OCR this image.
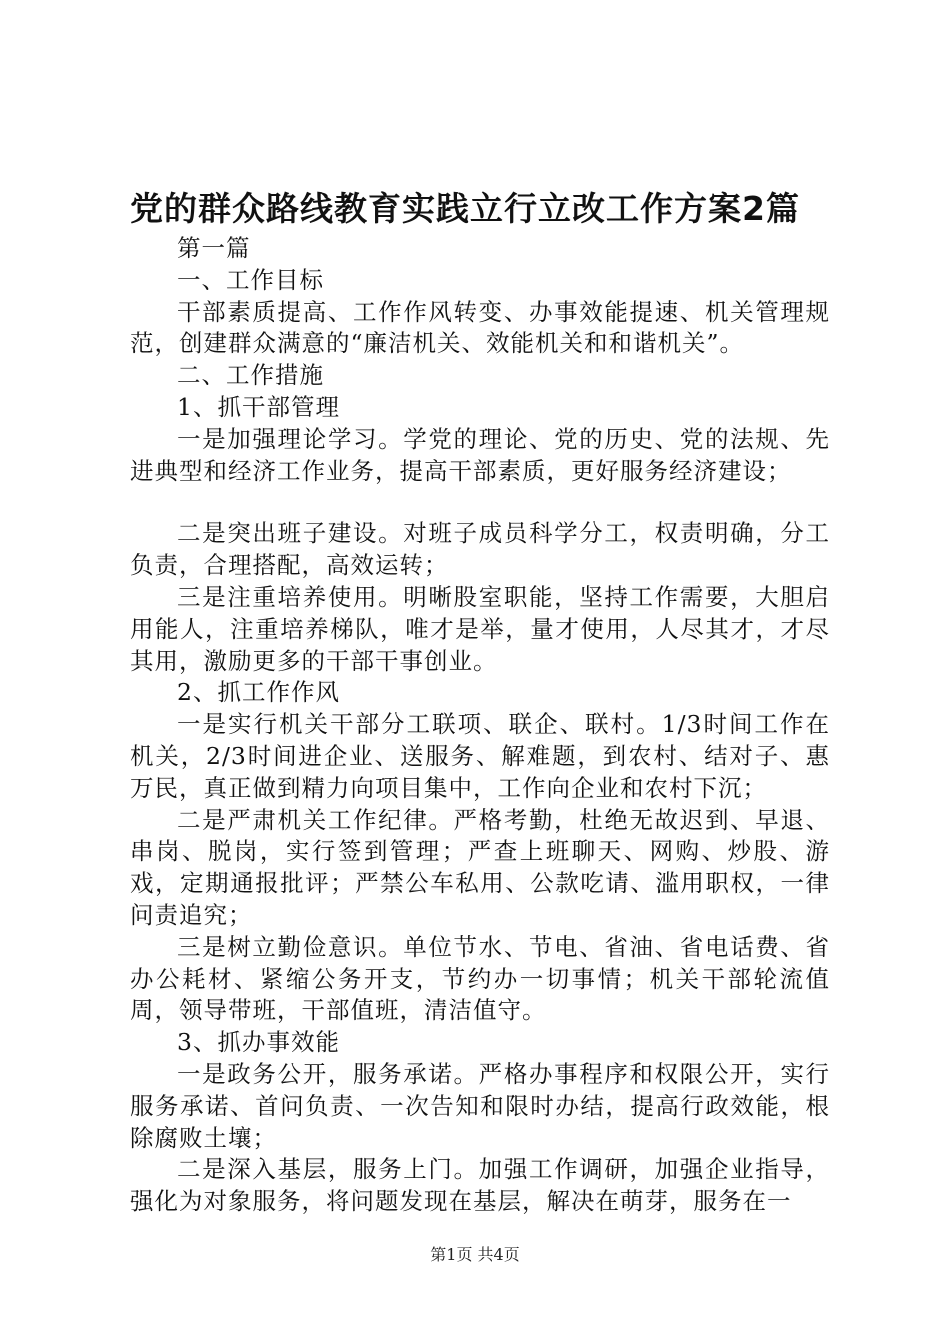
党的群众路线教育实践立行立改工作方案2篇

第一篇

一、工作目标

干部素质提高、工作作风转变、办事效能提速、机关管理规范，创建群众满意的“廉洁机关、效能机关和和谐机关”。

二、工作措施

1、抓干部管理

一是加强理论学习。学党的理论、党的历史、党的法规、先进典型和经济工作业务，提高干部素质，更好服务经济建设；

二是突出班子建设。对班子成员科学分工，权责明确，分工负责，合理搭配，高效运转；

三是注重培养使用。明晰股室职能，坚持工作需要，大胆启用能人，注重培养梯队，唯才是举，量才使用，人尽其才，才尽其用，激励更多的干部干事创业。

2、抓工作作风

一是实行机关干部分工联项、联企、联村。1/3时间工作在机关，2/3时间进企业、送服务、解难题，到农村、结对子、惠万民，真正做到精力向项目集中，工作向企业和农村下沉；

二是严肃机关工作纪律。严格考勤，杜绝无故迟到、早退、串岗、脱岗，实行签到管理；严查上班聊天、网购、炒股、游戏，定期通报批评；严禁公车私用、公款吃请、滥用职权，一律问责追究；

三是树立勤俭意识。单位节水、节电、省油、省电话费、省办公耗材、紧缩公务开支，节约办一切事情；机关干部轮流值周，领导带班，干部值班，清洁值守。

3、抓办事效能

一是政务公开，服务承诺。严格办事程序和权限公开，实行服务承诺、首问负责、一次告知和限时办结，提高行政效能，根除腐败土壤；

二是深入基层，服务上门。加强工作调研，加强企业指导，强化为对象服务，将问题发现在基层，解决在萌芽，服务在一

第1页 共4页
